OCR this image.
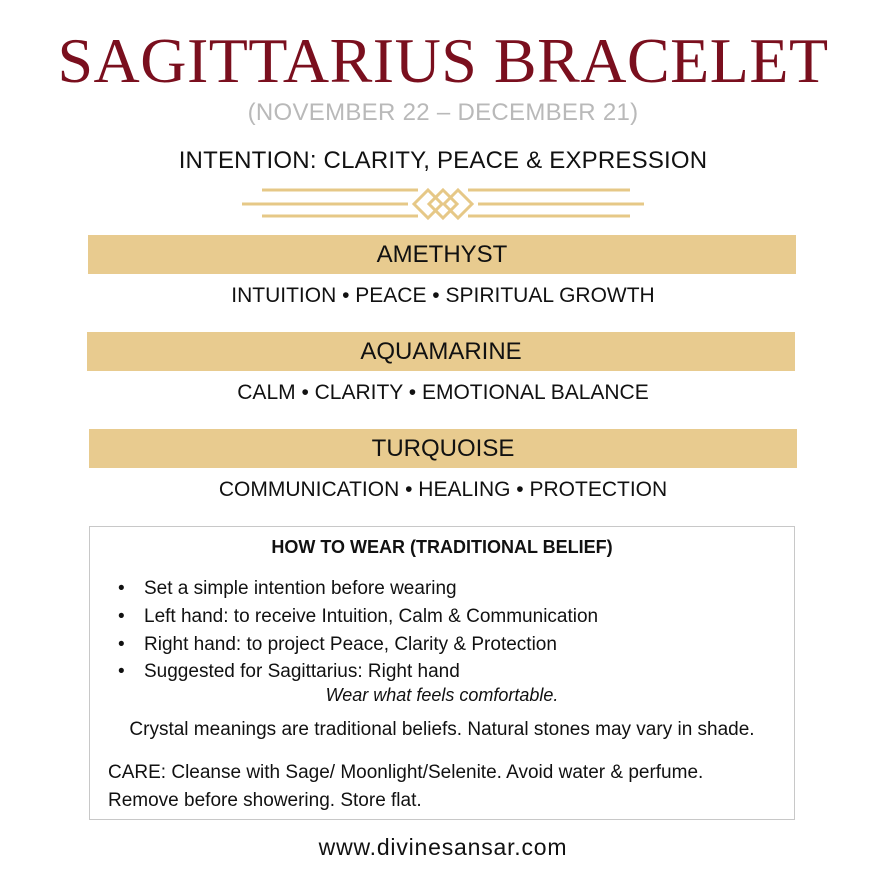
SAGITTARIUS BRACELET
(NOVEMBER 22 – DECEMBER 21)
INTENTION: CLARITY, PEACE & EXPRESSION
AMETHYST
INTUITION • PEACE • SPIRITUAL GROWTH
AQUAMARINE
CALM • CLARITY • EMOTIONAL BALANCE
TURQUOISE
COMMUNICATION • HEALING • PROTECTION
HOW TO WEAR (TRADITIONAL BELIEF)
• Set a simple intention before wearing
• Left hand: to receive Intuition, Calm & Communication
• Right hand: to project Peace, Clarity & Protection
• Suggested for Sagittarius: Right hand
Wear what feels comfortable.
Crystal meanings are traditional beliefs. Natural stones may vary in shade.
CARE: Cleanse with Sage/ Moonlight/Selenite. Avoid water & perfume.
Remove before showering. Store flat.
www.divinesansar.com
